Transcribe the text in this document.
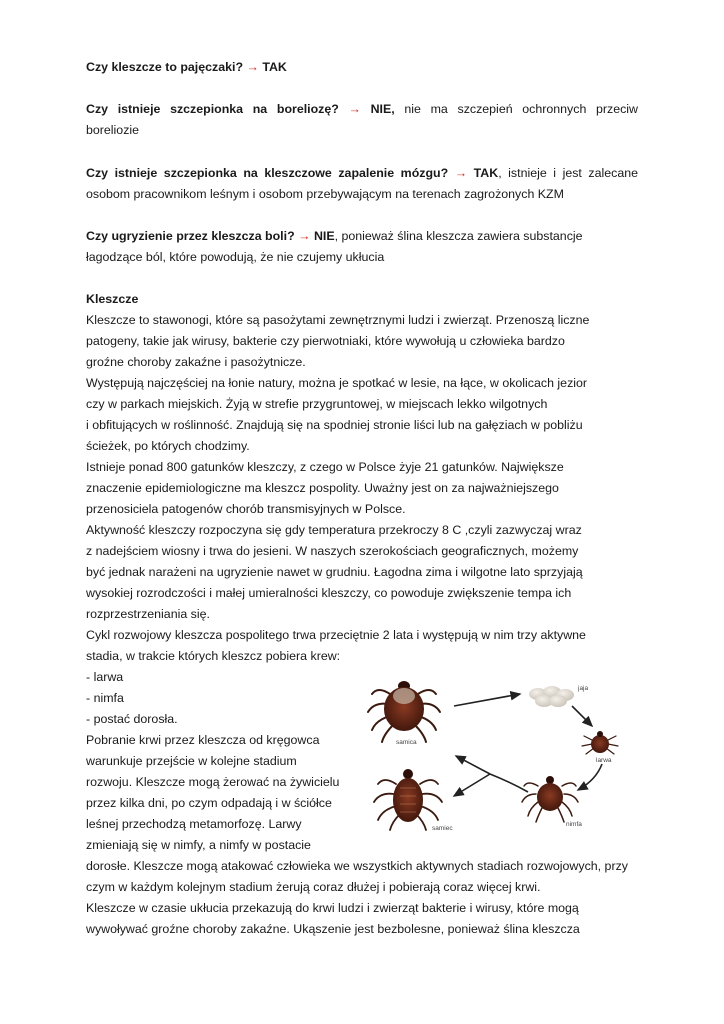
Czy kleszcze to pajęczaki? → TAK
Czy istnieje szczepionka na boreliozę? → NIE, nie ma szczepień ochronnych przeciw
boreliozie
Czy istnieje szczepionka na kleszczowe zapalenie mózgu? → TAK, istnieje i jest zalecane
osobom pracownikom leśnym i osobom przebywającym na terenach zagrożonych KZM
Czy ugryzienie przez kleszcza boli? → NIE, ponieważ ślina kleszcza zawiera substancje
łagodzące ból, które powodują, że nie czujemy ukłucia
Kleszcze
Kleszcze to stawonogi, które są pasożytami zewnętrznymi ludzi i zwierząt. Przenoszą liczne
patogeny, takie jak wirusy, bakterie czy pierwotniaki, które wywołują u człowieka bardzo
groźne choroby zakaźne i pasożytnicze.
Występują najczęściej na łonie natury, można je spotkać w lesie, na łące, w okolicach jezior
czy w parkach miejskich. Żyją w strefie przygruntowej, w miejscach lekko wilgotnych
i obfitujących w roślinność. Znajdują się na spodniej stronie liści lub na gałęziach w pobliżu
ścieżek, po których chodzimy.
Istnieje ponad 800 gatunków kleszczy, z czego w Polsce żyje 21 gatunków. Największe
znaczenie epidemiologiczne ma kleszcz pospolity. Uważny jest on za najważniejszego
przenosiciela patogenów chorób transmisyjnych w Polsce.
Aktywność kleszczy rozpoczyna się gdy temperatura przekroczy 8 C ,czyli zazwyczaj wraz
z nadejściem wiosny i trwa do jesieni. W naszych szerokościach geograficznych, możemy
być jednak narażeni na ugryzienie nawet w grudniu. Łagodna zima i wilgotne lato sprzyjają
wysokiej rozrodczości i małej umieralności kleszczy, co powoduje zwiększenie tempa ich
rozprzestrzeniania się.
Cykl rozwojowy kleszcza pospolitego trwa przeciętnie 2 lata i występują w nim trzy aktywne
stadia, w trakcie których kleszcz pobiera krew:
- larwa
- nimfa
- postać dorosła.
Pobranie krwi przez kleszcza od kręgowca
warunkuje przejście w kolejne stadium
rozwoju. Kleszcze mogą żerować na żywicielu
przez kilka dni, po czym odpadają i w ściółce
leśnej przechodzą metamorfozę. Larwy
zmieniają się w nimfy, a nimfy w postacie
dorosłe. Kleszcze mogą atakować człowieka we wszystkich aktywnych stadiach rozwojowych, przy
czym w każdym kolejnym stadium żerują coraz dłużej i pobierają coraz więcej krwi.
Kleszcze w czasie ukłucia przekazują do krwi ludzi i zwierząt bakterie i wirusy, które mogą
wywoływać groźne choroby zakaźne. Ukąszenie jest bezbolesne, ponieważ ślina kleszcza
samica
jaja
larwa
nimfa
samiec
